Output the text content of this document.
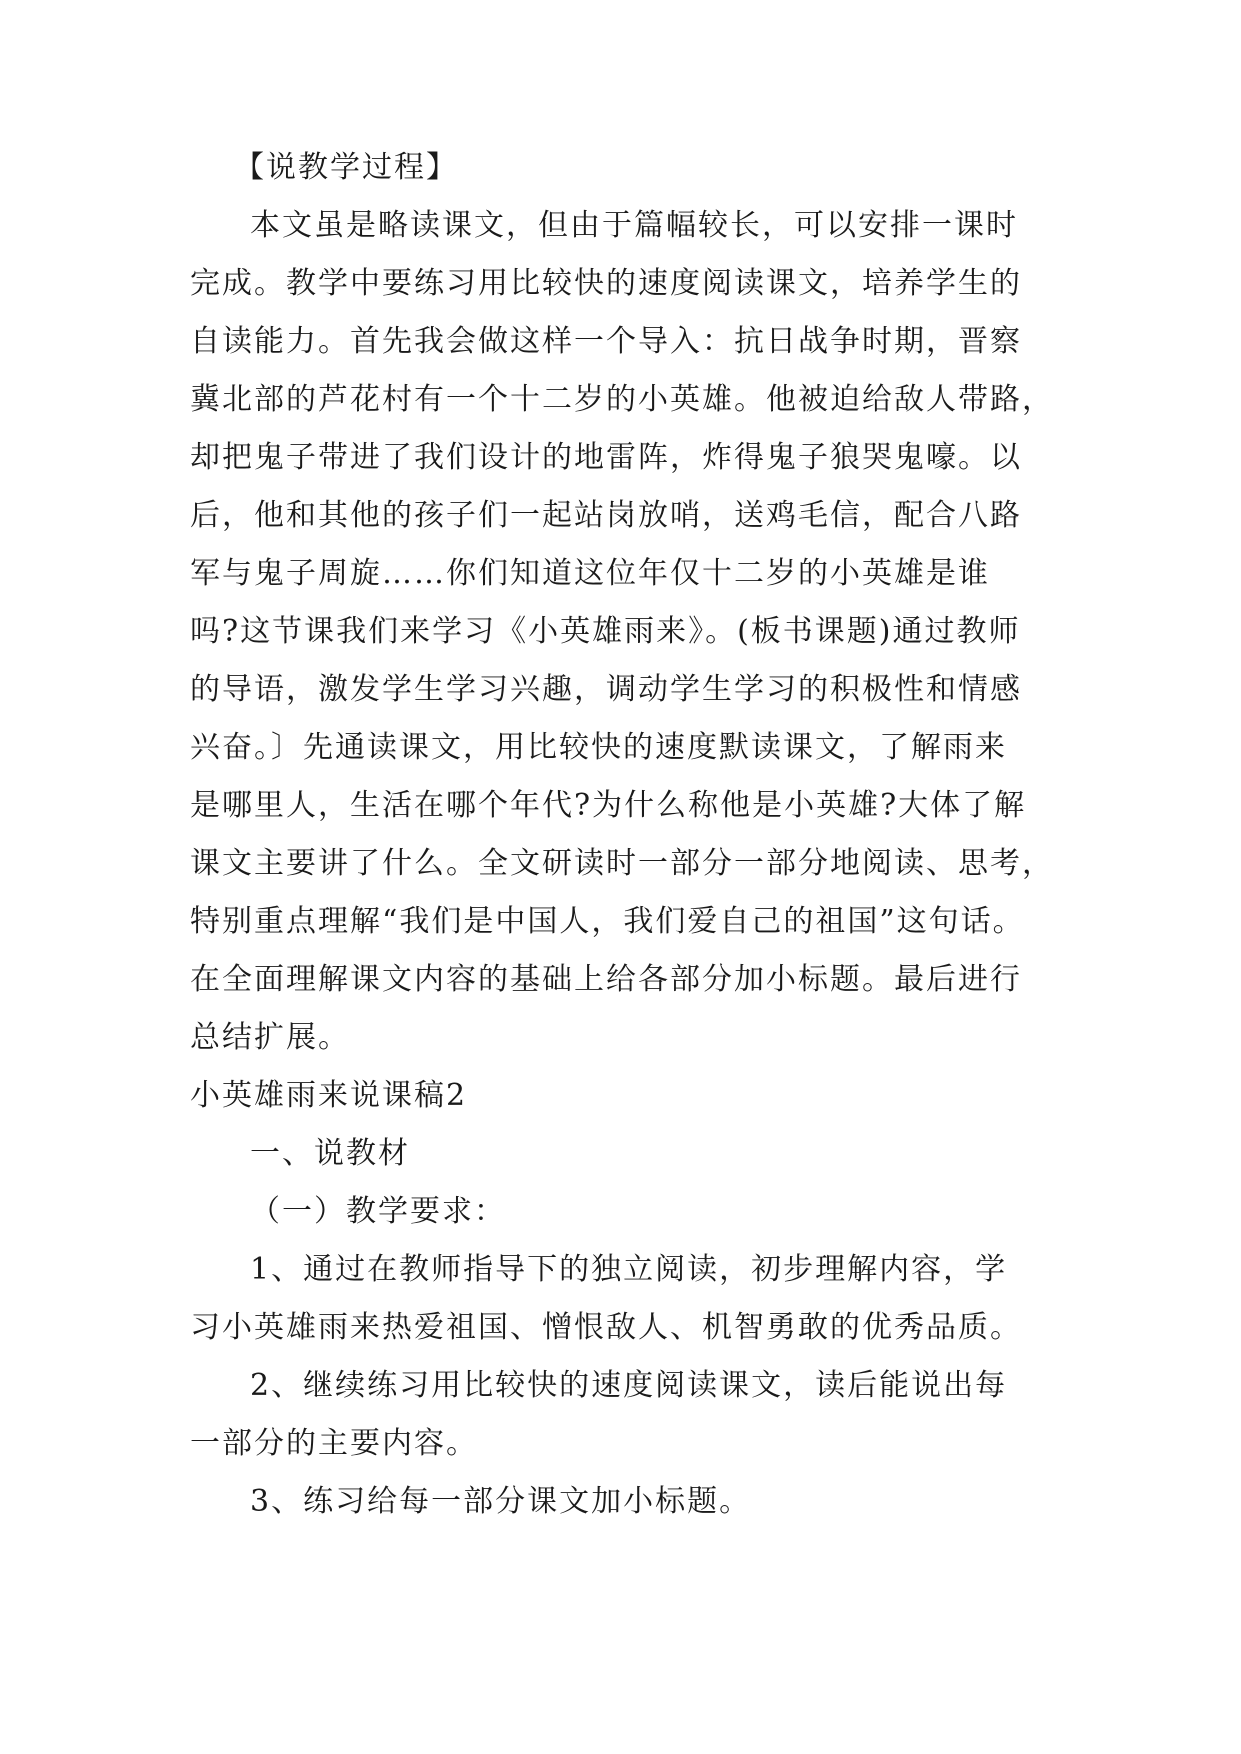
【说教学过程】
本文虽是略读课文，但由于篇幅较长，可以安排一课时
完成。教学中要练习用比较快的速度阅读课文，培养学生的
自读能力。首先我会做这样一个导入：抗日战争时期，晋察
冀北部的芦花村有一个十二岁的小英雄。他被迫给敌人带路，
却把鬼子带进了我们设计的地雷阵，炸得鬼子狼哭鬼嚎。以
后，他和其他的孩子们一起站岗放哨，送鸡毛信，配合八路
军与鬼子周旋……你们知道这位年仅十二岁的小英雄是谁
吗?这节课我们来学习《小英雄雨来》。(板书课题)通过教师
的导语，激发学生学习兴趣，调动学生学习的积极性和情感
兴奋。〕先通读课文，用比较快的速度默读课文，了解雨来
是哪里人，生活在哪个年代?为什么称他是小英雄?大体了解
课文主要讲了什么。全文研读时一部分一部分地阅读、思考，
特别重点理解“我们是中国人，我们爱自己的祖国”这句话。
在全面理解课文内容的基础上给各部分加小标题。最后进行
总结扩展。
小英雄雨来说课稿2
一、说教材
（一）教学要求：
1、通过在教师指导下的独立阅读，初步理解内容，学
习小英雄雨来热爱祖国、憎恨敌人、机智勇敢的优秀品质。
2、继续练习用比较快的速度阅读课文，读后能说出每
一部分的主要内容。
3、练习给每一部分课文加小标题。
